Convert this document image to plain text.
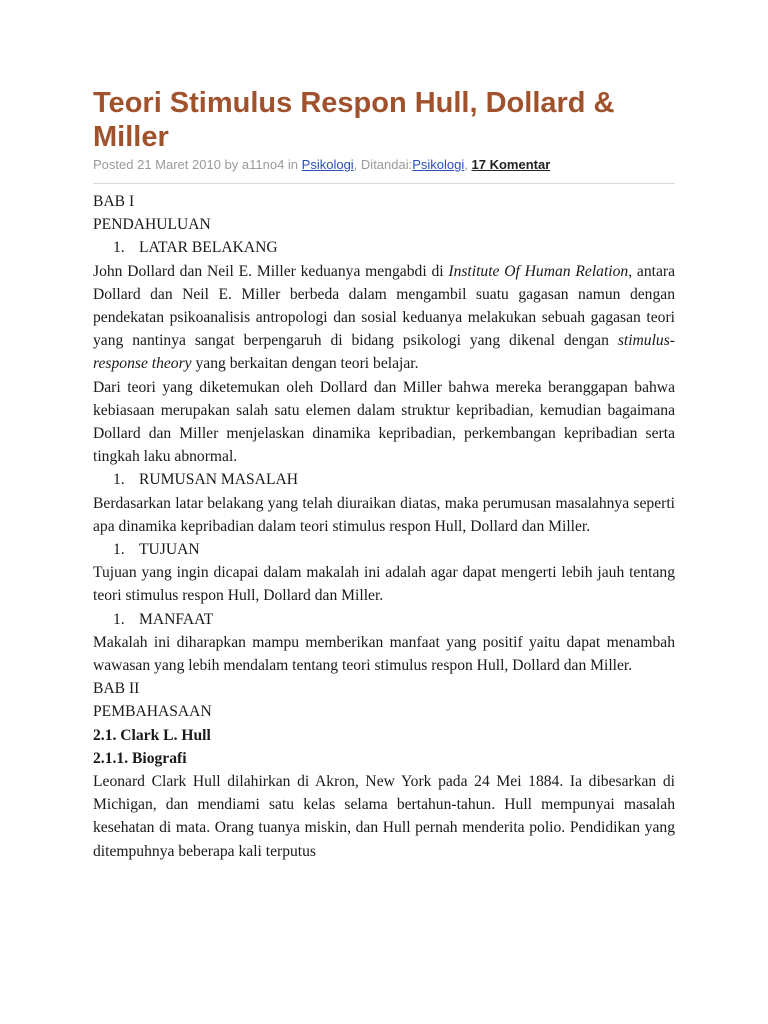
Teori Stimulus Respon Hull, Dollard & Miller
Posted 21 Maret 2010 by a11no4 in Psikologi, Ditandai:Psikologi, 17 Komentar
BAB I
PENDAHULUAN
1. LATAR BELAKANG
John Dollard dan Neil E. Miller keduanya mengabdi di Institute Of Human Relation, antara Dollard dan Neil E. Miller berbeda dalam mengambil suatu gagasan namun dengan pendekatan psikoanalisis antropologi dan sosial keduanya melakukan sebuah gagasan teori yang nantinya sangat berpengaruh di bidang psikologi yang dikenal dengan stimulus- response theory yang berkaitan dengan teori belajar.
Dari teori yang diketemukan oleh Dollard dan Miller bahwa mereka beranggapan bahwa kebiasaan merupakan salah satu elemen dalam struktur kepribadian, kemudian bagaimana Dollard dan Miller menjelaskan dinamika kepribadian, perkembangan kepribadian serta tingkah laku abnormal.
1. RUMUSAN MASALAH
Berdasarkan latar belakang yang telah diuraikan diatas, maka perumusan masalahnya seperti apa dinamika kepribadian dalam teori stimulus respon Hull, Dollard dan Miller.
1. TUJUAN
Tujuan yang ingin dicapai dalam makalah ini adalah agar dapat mengerti lebih jauh tentang teori stimulus respon Hull, Dollard dan Miller.
1. MANFAAT
Makalah ini diharapkan mampu memberikan manfaat yang positif yaitu dapat menambah wawasan yang lebih mendalam tentang teori stimulus respon Hull, Dollard dan Miller.
BAB II
PEMBAHASAAN
2.1. Clark L. Hull
2.1.1. Biografi
Leonard Clark Hull dilahirkan di Akron, New York pada 24 Mei 1884. Ia dibesarkan di Michigan, dan mendiami satu kelas selama bertahun-tahun. Hull mempunyai masalah kesehatan di mata. Orang tuanya miskin, dan Hull pernah menderita polio. Pendidikan yang ditempuhnya beberapa kali terputus
